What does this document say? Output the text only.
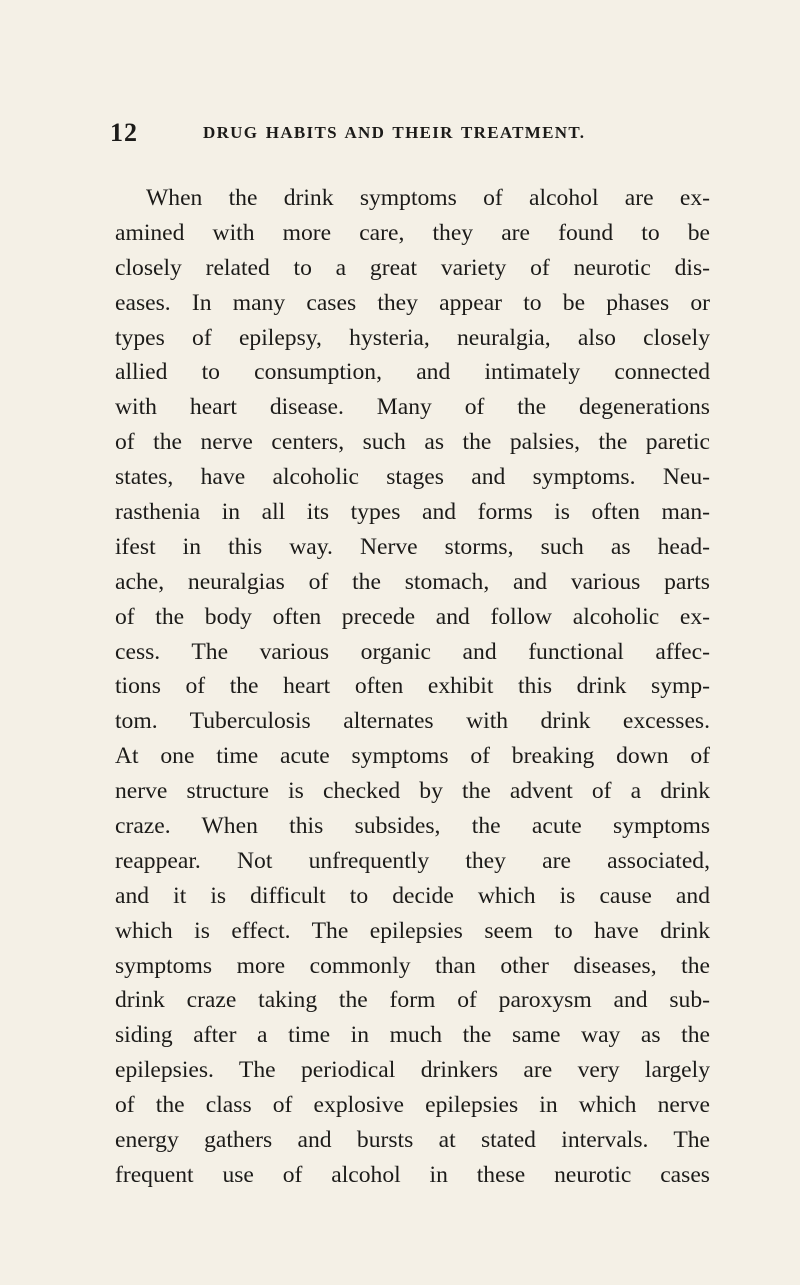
12	DRUG HABITS AND THEIR TREATMENT.
When the drink symptoms of alcohol are ex-
amined with more care, they are found to be
closely related to a great variety of neurotic dis-
eases. In many cases they appear to be phases or
types of epilepsy, hysteria, neuralgia, also closely
allied to consumption, and intimately connected
with heart disease. Many of the degenerations
of the nerve centers, such as the palsies, the paretic
states, have alcoholic stages and symptoms. Neu-
rasthenia in all its types and forms is often man-
ifest in this way. Nerve storms, such as head-
ache, neuralgias of the stomach, and various parts
of the body often precede and follow alcoholic ex-
cess. The various organic and functional affec-
tions of the heart often exhibit this drink symp-
tom. Tuberculosis alternates with drink excesses.
At one time acute symptoms of breaking down of
nerve structure is checked by the advent of a drink
craze. When this subsides, the acute symptoms
reappear. Not unfrequently they are associated,
and it is difficult to decide which is cause and
which is effect. The epilepsies seem to have drink
symptoms more commonly than other diseases, the
drink craze taking the form of paroxysm and sub-
siding after a time in much the same way as the
epilepsies. The periodical drinkers are very largely
of the class of explosive epilepsies in which nerve
energy gathers and bursts at stated intervals. The
frequent use of alcohol in these neurotic cases
